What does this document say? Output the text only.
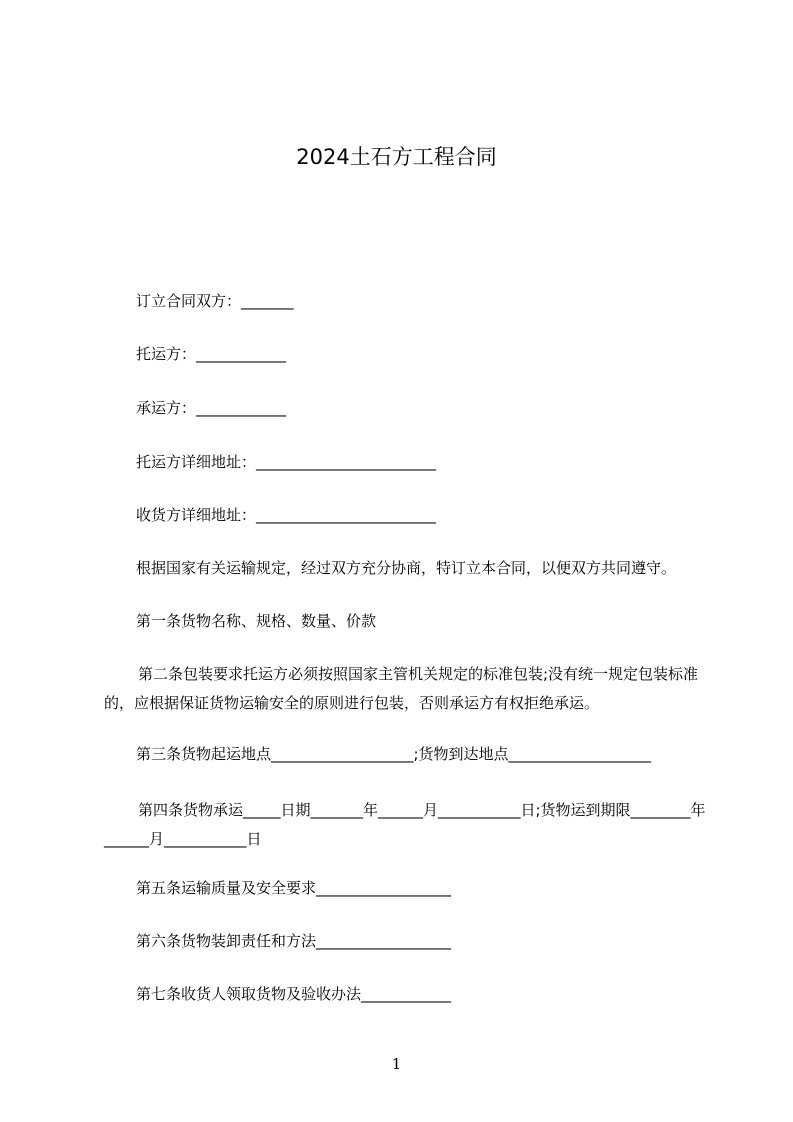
2024土石方工程合同
订立合同双方：_______
托运方：____________
承运方：____________
托运方详细地址：________________________
收货方详细地址：________________________
根据国家有关运输规定，经过双方充分协商，特订立本合同，以便双方共同遵守。
第一条货物名称、规格、数量、价款
第二条包装要求托运方必须按照国家主管机关规定的标准包装;没有统一规定包装标准的，应根据保证货物运输安全的原则进行包装，否则承运方有权拒绝承运。
第三条货物起运地点___________________;货物到达地点___________________
第四条货物承运_____日期_______年______月___________日;货物运到期限________年______月___________日
第五条运输质量及安全要求__________________
第六条货物装卸责任和方法__________________
第七条收货人领取货物及验收办法____________
1
